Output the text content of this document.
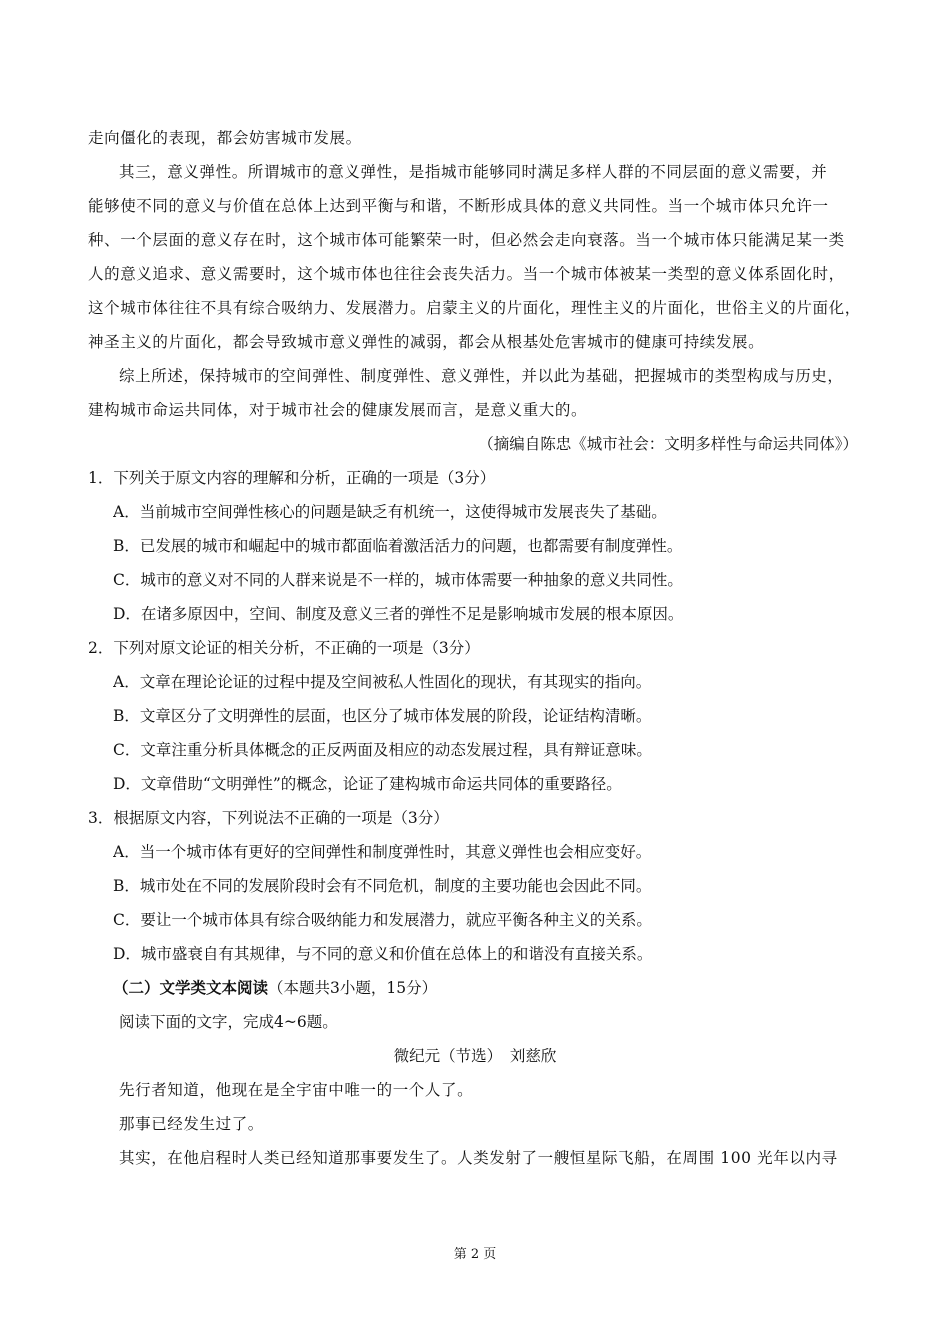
走向僵化的表现，都会妨害城市发展。
其三，意义弹性。所谓城市的意义弹性，是指城市能够同时满足多样人群的不同层面的意义需要，并
能够使不同的意义与价值在总体上达到平衡与和谐，不断形成具体的意义共同性。当一个城市体只允许一
种、一个层面的意义存在时，这个城市体可能繁荣一时，但必然会走向衰落。当一个城市体只能满足某一类
人的意义追求、意义需要时，这个城市体也往往会丧失活力。当一个城市体被某一类型的意义体系固化时，
这个城市体往往不具有综合吸纳力、发展潜力。启蒙主义的片面化，理性主义的片面化，世俗主义的片面化，
神圣主义的片面化，都会导致城市意义弹性的减弱，都会从根基处危害城市的健康可持续发展。
综上所述，保持城市的空间弹性、制度弹性、意义弹性，并以此为基础，把握城市的类型构成与历史，
建构城市命运共同体，对于城市社会的健康发展而言，是意义重大的。
（摘编自陈忠《城市社会：文明多样性与命运共同体》）
1．下列关于原文内容的理解和分析，正确的一项是（3分）
A．当前城市空间弹性核心的问题是缺乏有机统一，这使得城市发展丧失了基础。
B．已发展的城市和崛起中的城市都面临着激活活力的问题，也都需要有制度弹性。
C．城市的意义对不同的人群来说是不一样的，城市体需要一种抽象的意义共同性。
D．在诸多原因中，空间、制度及意义三者的弹性不足是影响城市发展的根本原因。
2．下列对原文论证的相关分析，不正确的一项是（3分）
A．文章在理论论证的过程中提及空间被私人性固化的现状，有其现实的指向。
B．文章区分了文明弹性的层面，也区分了城市体发展的阶段，论证结构清晰。
C．文章注重分析具体概念的正反两面及相应的动态发展过程，具有辩证意味。
D．文章借助“文明弹性”的概念，论证了建构城市命运共同体的重要路径。
3．根据原文内容，下列说法不正确的一项是（3分）
A．当一个城市体有更好的空间弹性和制度弹性时，其意义弹性也会相应变好。
B．城市处在不同的发展阶段时会有不同危机，制度的主要功能也会因此不同。
C．要让一个城市体具有综合吸纳能力和发展潜力，就应平衡各种主义的关系。
D．城市盛衰自有其规律，与不同的意义和价值在总体上的和谐没有直接关系。
（二）文学类文本阅读（本题共3小题，15分）
阅读下面的文字，完成4~6题。
微纪元（节选）　刘慈欣
先行者知道，他现在是全宇宙中唯一的一个人了。
那事已经发生过了。
其实，在他启程时人类已经知道那事要发生了。人类发射了一艘恒星际飞船，在周围 100 光年以内寻
第 2 页
